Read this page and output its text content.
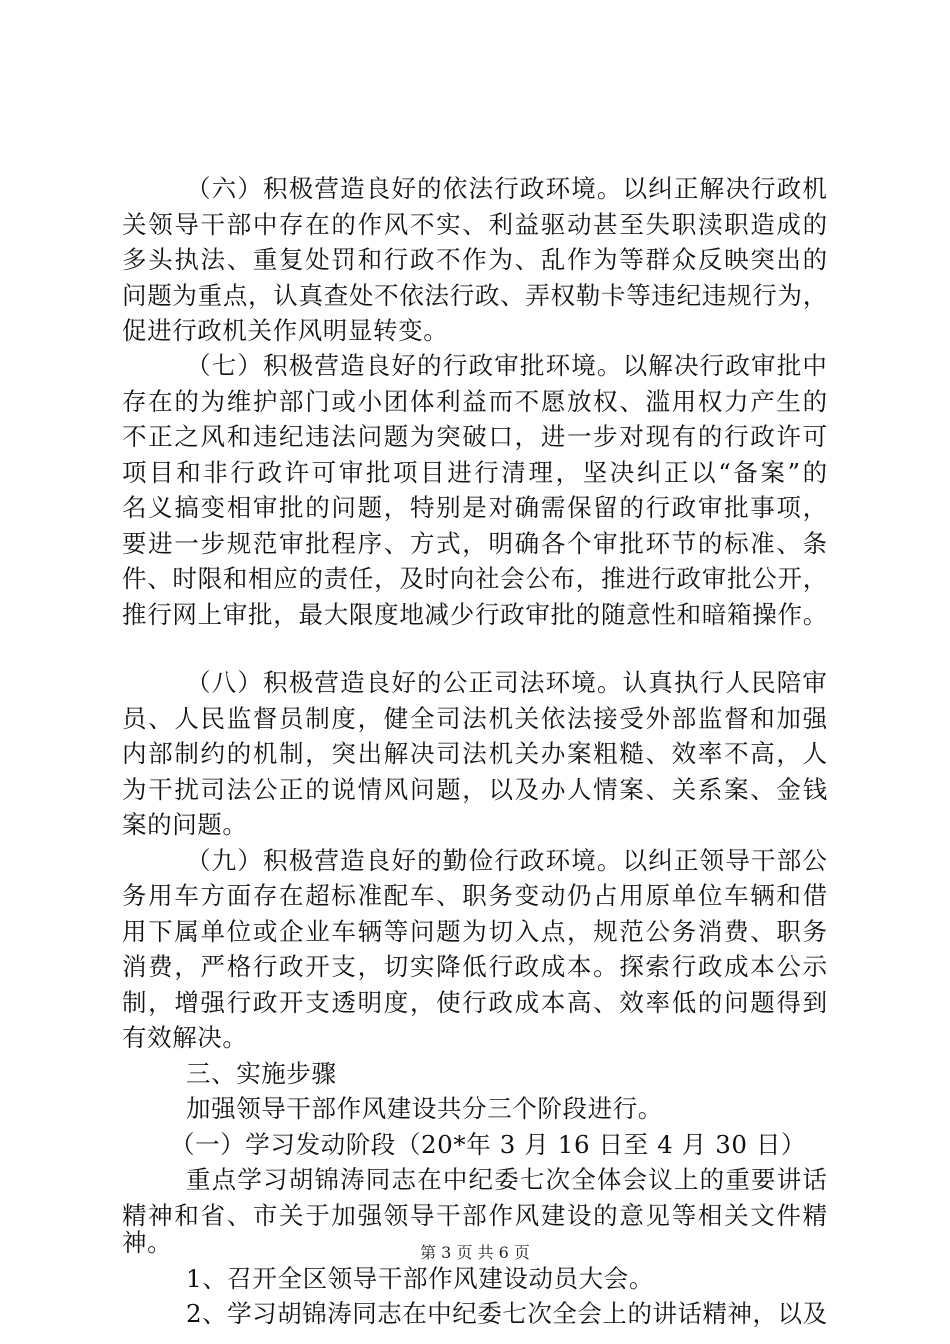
（六）积极营造良好的依法行政环境。以纠正解决行政机
关领导干部中存在的作风不实、利益驱动甚至失职渎职造成的
多头执法、重复处罚和行政不作为、乱作为等群众反映突出的
问题为重点，认真查处不依法行政、弄权勒卡等违纪违规行为，
促进行政机关作风明显转变。
（七）积极营造良好的行政审批环境。以解决行政审批中
存在的为维护部门或小团体利益而不愿放权、滥用权力产生的
不正之风和违纪违法问题为突破口，进一步对现有的行政许可
项目和非行政许可审批项目进行清理，坚决纠正以“备案”的
名义搞变相审批的问题，特别是对确需保留的行政审批事项，
要进一步规范审批程序、方式，明确各个审批环节的标准、条
件、时限和相应的责任，及时向社会公布，推进行政审批公开，
推行网上审批，最大限度地减少行政审批的随意性和暗箱操作。
（八）积极营造良好的公正司法环境。认真执行人民陪审
员、人民监督员制度，健全司法机关依法接受外部监督和加强
内部制约的机制，突出解决司法机关办案粗糙、效率不高，人
为干扰司法公正的说情风问题，以及办人情案、关系案、金钱
案的问题。
（九）积极营造良好的勤俭行政环境。以纠正领导干部公
务用车方面存在超标准配车、职务变动仍占用原单位车辆和借
用下属单位或企业车辆等问题为切入点，规范公务消费、职务
消费，严格行政开支，切实降低行政成本。探索行政成本公示
制，增强行政开支透明度，使行政成本高、效率低的问题得到
有效解决。
三、实施步骤
加强领导干部作风建设共分三个阶段进行。
（一）学习发动阶段（20*年 3 月 16 日至 4 月 30 日）
重点学习胡锦涛同志在中纪委七次全体会议上的重要讲话
精神和省、市关于加强领导干部作风建设的意见等相关文件精
神。
1、召开全区领导干部作风建设动员大会。
2、学习胡锦涛同志在中纪委七次全会上的讲话精神，以及
第 3 页 共 6 页
